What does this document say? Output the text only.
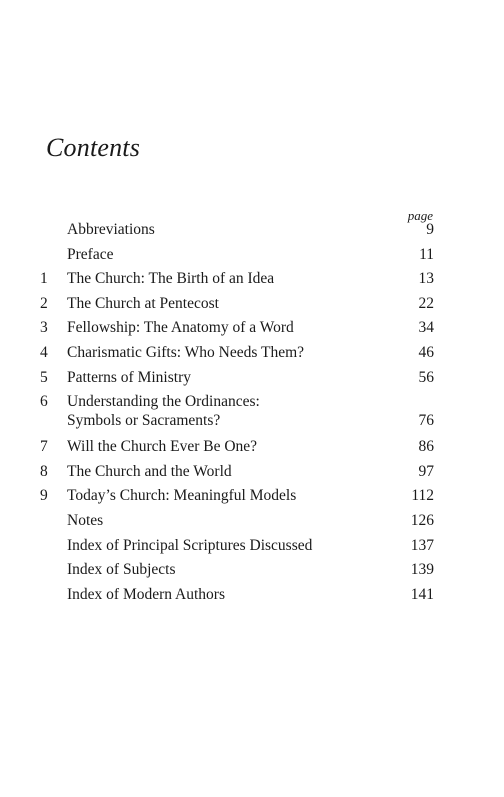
Contents
page
Abbreviations	9
Preface	11
1	The Church: The Birth of an Idea	13
2	The Church at Pentecost	22
3	Fellowship: The Anatomy of a Word	34
4	Charismatic Gifts: Who Needs Them?	46
5	Patterns of Ministry	56
6	Understanding the Ordinances:
Symbols or Sacraments?	76
7	Will the Church Ever Be One?	86
8	The Church and the World	97
9	Today’s Church: Meaningful Models	112
Notes	126
Index of Principal Scriptures Discussed	137
Index of Subjects	139
Index of Modern Authors	141
